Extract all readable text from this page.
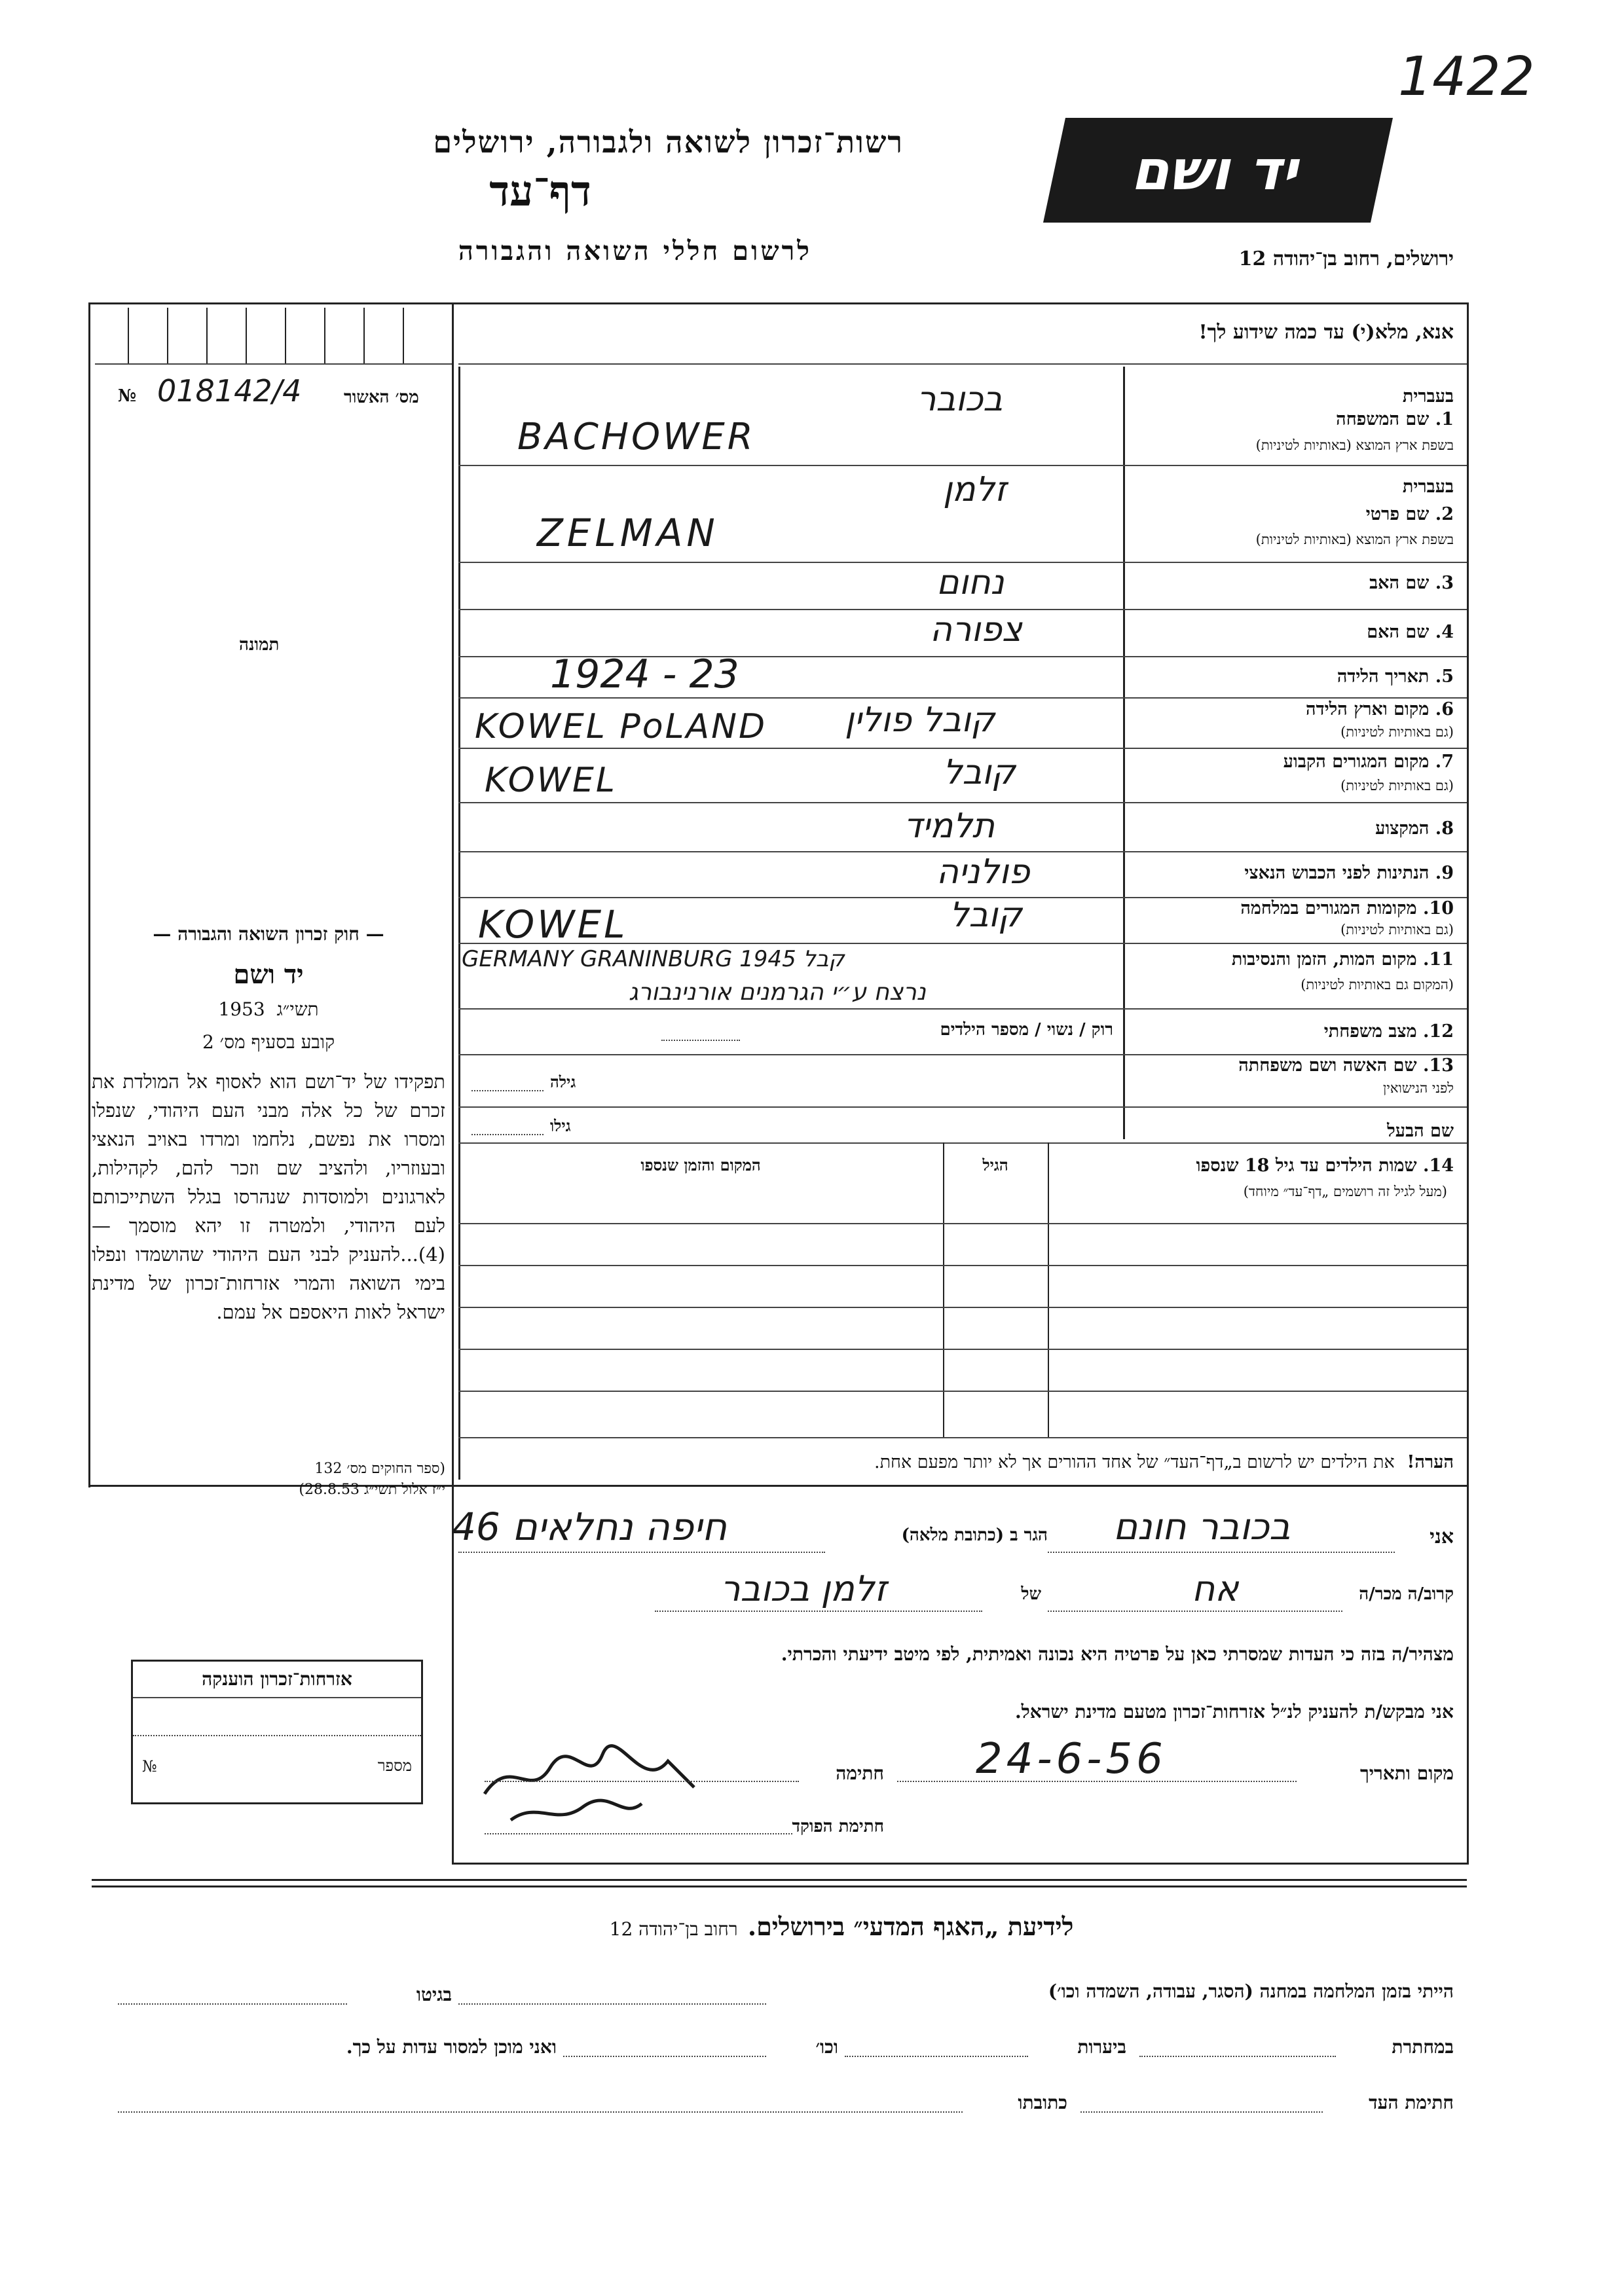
1422
רשות־זכרון לשואה ולגבורה, ירושלים
דף־עד
לרשום חללי השואה והגבורה
יד ושם
ירושלים, רחוב בן־יהודה 12
№ 018142/4 מס׳ האשור
תמונה
אנא, מלא(י) עד כמה שידוע לך!
בעברית
1. שם המשפחה
בשפת ארץ המוצא (באותיות לטיניות)
בכובר
BACHOWER
בעברית
2. שם פרטי
בשפת ארץ המוצא (באותיות לטיניות)
זלמן
ZELMAN
3. שם האב
נחום
4. שם האם
צפורה
5. תאריך הלידה
1924 - 23
6. מקום וארץ הלידה
(גם באותיות לטיניות)
קובל פולין
KOWEL PoLAND
7. מקום המגורים הקבוע
(גם באותיות לטיניות)
קובל
KOWEL
8. המקצוע
תלמיד
9. הנתינות לפני הכבוש הנאצי
פולניה
10. מקומות המגורים במלחמה
(גם באותיות לטיניות)
קובל
KOWEL
11. מקום המות, הזמן והנסיבות
(המקום גם באותיות לטיניות)
GERMANY GRANINBURG 1945 קבל
נרצח ע״י הגרמנים אורנינבורג
12. מצב משפחתי
רוק / נשוי / מספר הילדים
13. שם האשה ושם משפחתה
לפני הנישואין
גילה
שם הבעל
גילו
14. שמות הילדים עד גיל 18 שנספו
(מעל לגיל זה רושמים „דף־עד״ מיוחד)
הגיל
המקום והזמן שנספו
הערה!  את הילדים יש לרשום ב„דף־העד״ של אחד ההורים אך לא יותר מפעם אחת.
— חוק זכרון השואה והגבורה —
יד ושם
תשי״ג  1953
קובע בסעיף מס׳ 2
תפקידו של יד־ושם הוא לאסוף אל המולדת את זכרם של כל אלה מבני העם היהודי, שנפלו ומסרו את נפשם, נלחמו ומרדו באויב הנאצי ובעוזריו, ולהציב שם וזכר להם, לקהילות, לארגונים ולמוסדות שנהרסו בגלל השתייכותם לעם היהודי, ולמטרה זו יהא מוסמך — (4)...להעניק לבני העם היהודי שהושמדו ונפלו בימי השואה והמרי אזרחות־זכרון של מדינת ישראל לאות היאספם אל עמם.
(ספר החוקים מס׳ 132
י״ז אלול תשי״ג 28.8.53)
אני
בכובר חונם
הגר ב (כתובת מלאה)
חיפה נחלאים 46
קרוב/ה מכר/ה
אח
של
זלמן בכובר
מצהיר/ה בזה כי העדות שמסרתי כאן על פרטיה היא נכונה ואמיתית, לפי מיטב ידיעתי והכרתי.
אני מבקש/ת להעניק לנ״ל אזרחות־זכרון מטעם מדינת ישראל.
מקום ותאריך
24-6-56
חתימה
חתימת הפוקד
אזרחות־זכרון הוענקה
מספר
№
לידיעת „האגף המדעי״ בירושלים.   רחוב בן־יהודה 12
הייתי בזמן המלחמה במחנה (הסגר, עבודה, השמדה וכו׳)
בגיטו
במחתרת
ביערות
וכו׳
ואני מוכן למסור עדות על כך.
חתימת העד
כתובתו
